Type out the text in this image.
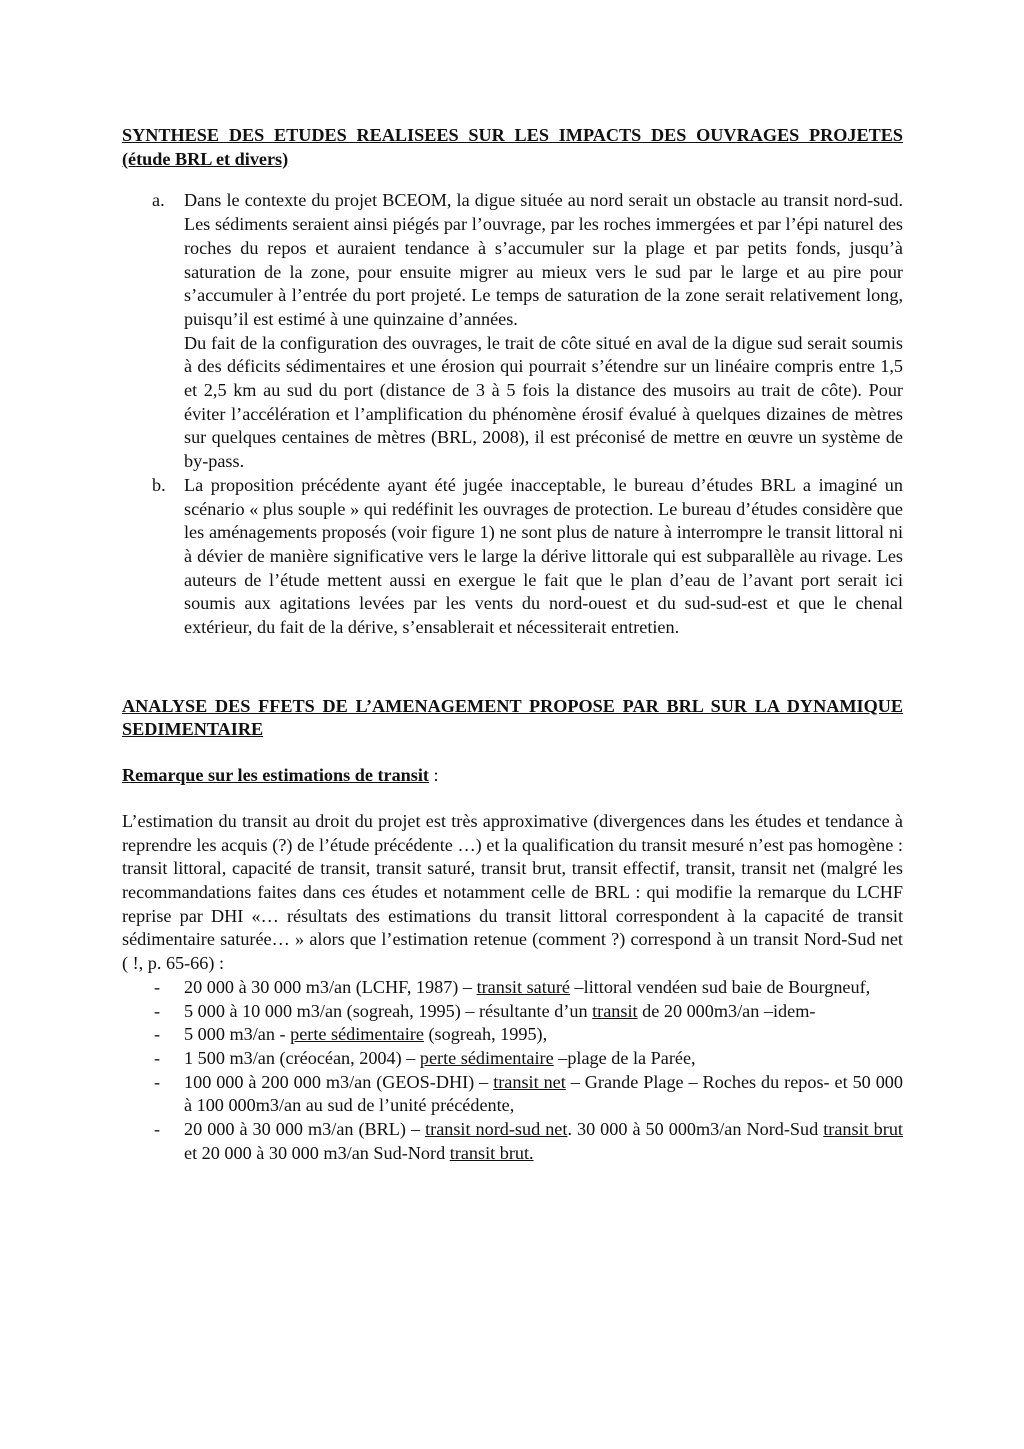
SYNTHESE DES ETUDES REALISEES SUR LES IMPACTS DES OUVRAGES PROJETES (étude BRL et divers)

a. Dans le contexte du projet BCEOM, la digue située au nord serait un obstacle au transit nord-sud. Les sédiments seraient ainsi piégés par l’ouvrage, par les roches immergées et par l’épi naturel des roches du repos et auraient tendance à s’accumuler sur la plage et par petits fonds, jusqu’à saturation de la zone, pour ensuite migrer au mieux vers le sud par le large et au pire pour s’accumuler à l’entrée du port projeté. Le temps de saturation de la zone serait relativement long, puisqu’il est estimé à une quinzaine d’années.

Du fait de la configuration des ouvrages, le trait de côte situé en aval de la digue sud serait soumis à des déficits sédimentaires et une érosion qui pourrait s’étendre sur un linéaire compris entre 1,5 et 2,5 km au sud du port (distance de 3 à 5 fois la distance des musoirs au trait de côte). Pour éviter l’accélération et l’amplification du phénomène érosif évalué à quelques dizaines de mètres sur quelques centaines de mètres (BRL, 2008), il est préconisé de mettre en œuvre un système de by-pass.

b. La proposition précédente ayant été jugée inacceptable, le bureau d’études BRL a imaginé un scénario « plus souple » qui redéfinit les ouvrages de protection. Le bureau d’études considère que les aménagements proposés (voir figure 1) ne sont plus de nature à interrompre le transit littoral ni à dévier de manière significative vers le large la dérive littorale qui est subparallèle au rivage. Les auteurs de l’étude mettent aussi en exergue le fait que le plan d’eau de l’avant port serait ici soumis aux agitations levées par les vents du nord-ouest et du sud-sud-est et que le chenal extérieur, du fait de la dérive, s’ensablerait et nécessiterait entretien.

ANALYSE DES FFETS DE L’AMENAGEMENT PROPOSE PAR BRL SUR LA DYNAMIQUE SEDIMENTAIRE

Remarque sur les estimations de transit :

L’estimation du transit au droit du projet est très approximative (divergences dans les études et tendance à reprendre les acquis (?) de l’étude précédente …) et la qualification du transit mesuré n’est pas homogène : transit littoral, capacité de transit, transit saturé, transit brut, transit effectif, transit, transit net (malgré les recommandations faites dans ces études et notamment celle de BRL : qui modifie la remarque du LCHF reprise par DHI «… résultats des estimations du transit littoral correspondent à la capacité de transit sédimentaire saturée… » alors que l’estimation retenue (comment ?) correspond à un transit Nord-Sud net ( !, p. 65-66) :

- 20 000 à 30 000 m3/an (LCHF, 1987) – transit saturé –littoral vendéen sud baie de Bourgneuf,
- 5 000 à 10 000 m3/an (sogreah, 1995) – résultante d’un transit de 20 000m3/an –idem-
- 5 000 m3/an - perte sédimentaire (sogreah, 1995),
- 1 500 m3/an (créocéan, 2004) – perte sédimentaire –plage de la Parée,
- 100 000 à 200 000 m3/an (GEOS-DHI) – transit net – Grande Plage – Roches du repos- et 50 000 à 100 000m3/an au sud de l’unité précédente,
- 20 000 à 30 000 m3/an (BRL) – transit nord-sud net. 30 000 à 50 000m3/an Nord-Sud transit brut et 20 000 à 30 000 m3/an Sud-Nord transit brut.
